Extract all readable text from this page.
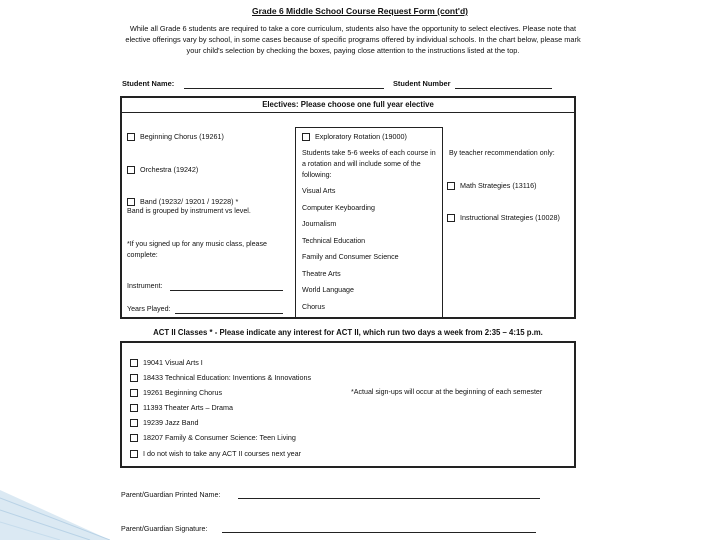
Grade 6 Middle School Course Request Form (cont'd)
While all Grade 6 students are required to take a core curriculum, students also have the opportunity to select electives. Please note that elective offerings vary by school, in some cases because of specific programs offered by individual schools. In the chart below, please mark your child's selection by checking the boxes, paying close attention to the instructions listed at the top.
Student Name:	Student Number
Electives: Please choose one full year elective
Beginning Chorus (19261)
Orchestra (19242)
Band (19232/ 19201 / 19228) *
Band is grouped by instrument vs level.
*If you signed up for any music class, please complete:
Instrument:
Years Played:
Exploratory Rotation (19000)
Students take 5-6 weeks of each course in a rotation and will include some of the following:
Visual Arts
Computer Keyboarding
Journalism
Technical Education
Family and Consumer Science
Theatre Arts
World Language
Chorus
By teacher recommendation only:
Math Strategies (13116)
Instructional Strategies (10028)
ACT II Classes * - Please indicate any interest for ACT II, which run two days a week from 2:35 – 4:15 p.m.
19041 Visual Arts I
18433 Technical Education: Inventions & Innovations
19261 Beginning Chorus
11393 Theater Arts – Drama
19239 Jazz Band
18207 Family & Consumer Science: Teen Living
I do not wish to take any ACT II courses next year
*Actual sign-ups will occur at the beginning of each semester
Parent/Guardian Printed Name:
Parent/Guardian Signature:
